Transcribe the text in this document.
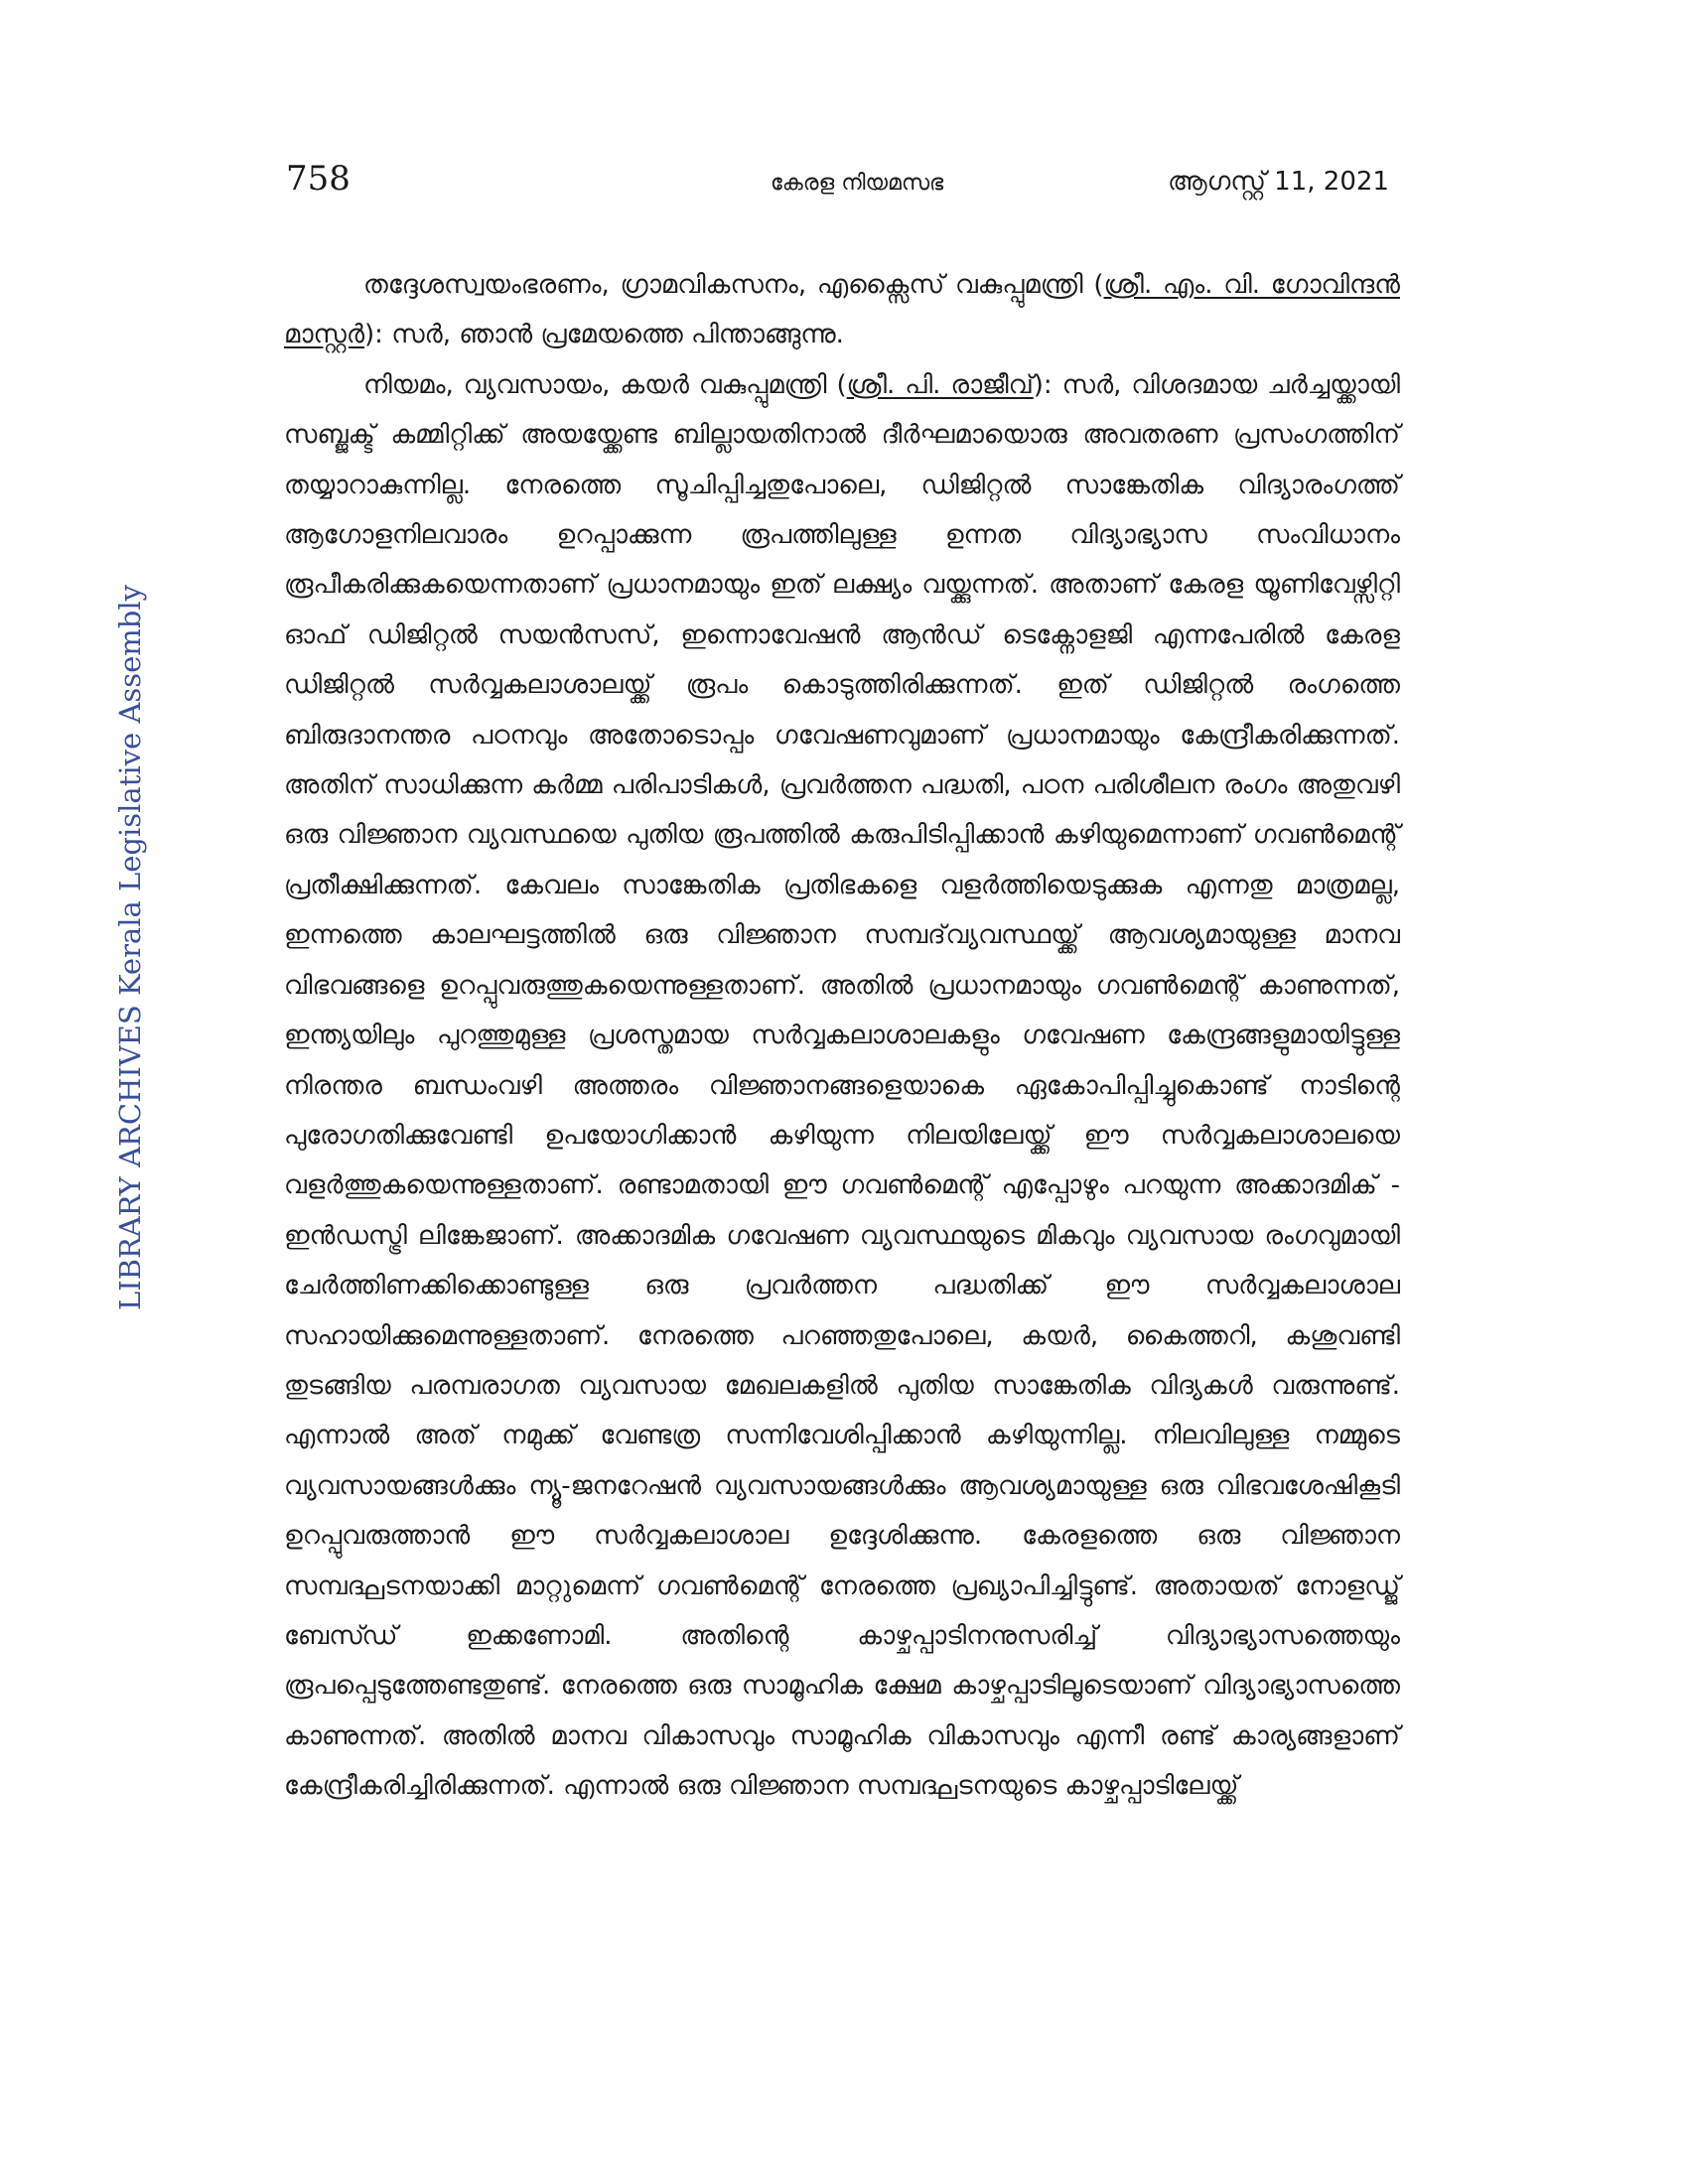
758	കേരള നിയമസഭ	ആഗസ്റ്റ് 11, 2021

LIBRARY ARCHIVES Kerala Legislative Assembly

തദ്ദേശസ്വയംഭരണം, ഗ്രാമവികസനം, എക്സൈസ് വകുപ്പുമന്ത്രി (ശ്രീ. എം. വി. ഗോവിന്ദൻ മാസ്റ്റർ): സർ, ഞാൻ പ്രമേയത്തെ പിന്താങ്ങുന്നു.

നിയമം, വ്യവസായം, കയർ വകുപ്പുമന്ത്രി (ശ്രീ. പി. രാജീവ്): സർ, വിശദമായ ചർച്ചയ്ക്കായി സബ്ജക്ട് കമ്മിറ്റിക്ക് അയയ്ക്കേണ്ട ബില്ലായതിനാൽ ദീർഘമായൊരു അവതരണ പ്രസംഗത്തിന് തയ്യാറാകുന്നില്ല. നേരത്തെ സൂചിപ്പിച്ചതുപോലെ, ഡിജിറ്റൽ സാങ്കേതിക വിദ്യാരംഗത്ത് ആഗോളനിലവാരം ഉറപ്പാക്കുന്ന രൂപത്തിലുള്ള ഉന്നത വിദ്യാഭ്യാസ സംവിധാനം രൂപീകരിക്കുകയെന്നതാണ് പ്രധാനമായും ഇത് ലക്ഷ്യം വയ്ക്കുന്നത്. അതാണ് കേരള യൂണിവേഴ്സിറ്റി ഓഫ് ഡിജിറ്റൽ സയൻസസ്, ഇന്നൊവേഷൻ ആൻഡ് ടെക്നോളജി എന്നപേരിൽ കേരള ഡിജിറ്റൽ സർവ്വകലാശാലയ്ക്ക് രൂപം കൊടുത്തിരിക്കുന്നത്. ഇത് ഡിജിറ്റൽ രംഗത്തെ ബിരുദാനന്തര പഠനവും അതോടൊപ്പം ഗവേഷണവുമാണ് പ്രധാനമായും കേന്ദ്രീകരിക്കുന്നത്. അതിന് സാധിക്കുന്ന കർമ്മ പരിപാടികൾ, പ്രവർത്തന പദ്ധതി, പഠന പരിശീലന രംഗം അതുവഴി ഒരു വിജ്ഞാന വ്യവസ്ഥയെ പുതിയ രൂപത്തിൽ കരുപിടിപ്പിക്കാൻ കഴിയുമെന്നാണ് ഗവൺമെന്റ് പ്രതീക്ഷിക്കുന്നത്. കേവലം സാങ്കേതിക പ്രതിഭകളെ വളർത്തിയെടുക്കുക എന്നതു മാത്രമല്ല, ഇന്നത്തെ കാലഘട്ടത്തിൽ ഒരു വിജ്ഞാന സമ്പദ്‌വ്യവസ്ഥയ്ക്ക് ആവശ്യമായുള്ള മാനവ വിഭവങ്ങളെ ഉറപ്പുവരുത്തുകയെന്നുള്ളതാണ്. അതിൽ പ്രധാനമായും ഗവൺമെന്റ് കാണുന്നത്, ഇന്ത്യയിലും പുറത്തുമുള്ള പ്രശസ്തമായ സർവ്വകലാശാലകളും ഗവേഷണ കേന്ദ്രങ്ങളുമായിട്ടുള്ള നിരന്തര ബന്ധംവഴി അത്തരം വിജ്ഞാനങ്ങളെയാകെ ഏകോപിപ്പിച്ചുകൊണ്ട് നാടിന്റെ പുരോഗതിക്കുവേണ്ടി ഉപയോഗിക്കാൻ കഴിയുന്ന നിലയിലേയ്ക്ക് ഈ സർവ്വകലാശാലയെ വളർത്തുകയെന്നുള്ളതാണ്. രണ്ടാമതായി ഈ ഗവൺമെന്റ് എപ്പോഴും പറയുന്ന അക്കാദമിക് - ഇൻഡസ്ട്രി ലിങ്കേജാണ്. അക്കാദമിക ഗവേഷണ വ്യവസ്ഥയുടെ മികവും വ്യവസായ രംഗവുമായി ചേർത്തിണക്കിക്കൊണ്ടുള്ള ഒരു പ്രവർത്തന പദ്ധതിക്ക് ഈ സർവ്വകലാശാല സഹായിക്കുമെന്നുള്ളതാണ്. നേരത്തെ പറഞ്ഞതുപോലെ, കയർ, കൈത്തറി, കശുവണ്ടി തുടങ്ങിയ പരമ്പരാഗത വ്യവസായ മേഖലകളിൽ പുതിയ സാങ്കേതിക വിദ്യകൾ വരുന്നുണ്ട്. എന്നാൽ അത് നമുക്ക് വേണ്ടത്ര സന്നിവേശിപ്പിക്കാൻ കഴിയുന്നില്ല. നിലവിലുള്ള നമ്മുടെ വ്യവസായങ്ങൾക്കും ന്യൂ-ജനറേഷൻ വ്യവസായങ്ങൾക്കും ആവശ്യമായുള്ള ഒരു വിഭവശേഷികൂടി ഉറപ്പുവരുത്താൻ ഈ സർവ്വകലാശാല ഉദ്ദേശിക്കുന്നു. കേരളത്തെ ഒരു വിജ്ഞാന സമ്പദ്ഘടനയാക്കി മാറ്റുമെന്ന് ഗവൺമെന്റ് നേരത്തെ പ്രഖ്യാപിച്ചിട്ടുണ്ട്. അതായത് നോളഡ്ജ് ബേസ്ഡ് ഇക്കണോമി. അതിന്റെ കാഴ്ചപ്പാടിനനുസരിച്ച് വിദ്യാഭ്യാസത്തെയും രൂപപ്പെടുത്തേണ്ടതുണ്ട്. നേരത്തെ ഒരു സാമൂഹിക ക്ഷേമ കാഴ്ചപ്പാടിലൂടെയാണ് വിദ്യാഭ്യാസത്തെ കാണുന്നത്. അതിൽ മാനവ വികാസവും സാമൂഹിക വികാസവും എന്നീ രണ്ട് കാര്യങ്ങളാണ് കേന്ദ്രീകരിച്ചിരിക്കുന്നത്. എന്നാൽ ഒരു വിജ്ഞാന സമ്പദ്ഘടനയുടെ കാഴ്ചപ്പാടിലേയ്ക്ക്
